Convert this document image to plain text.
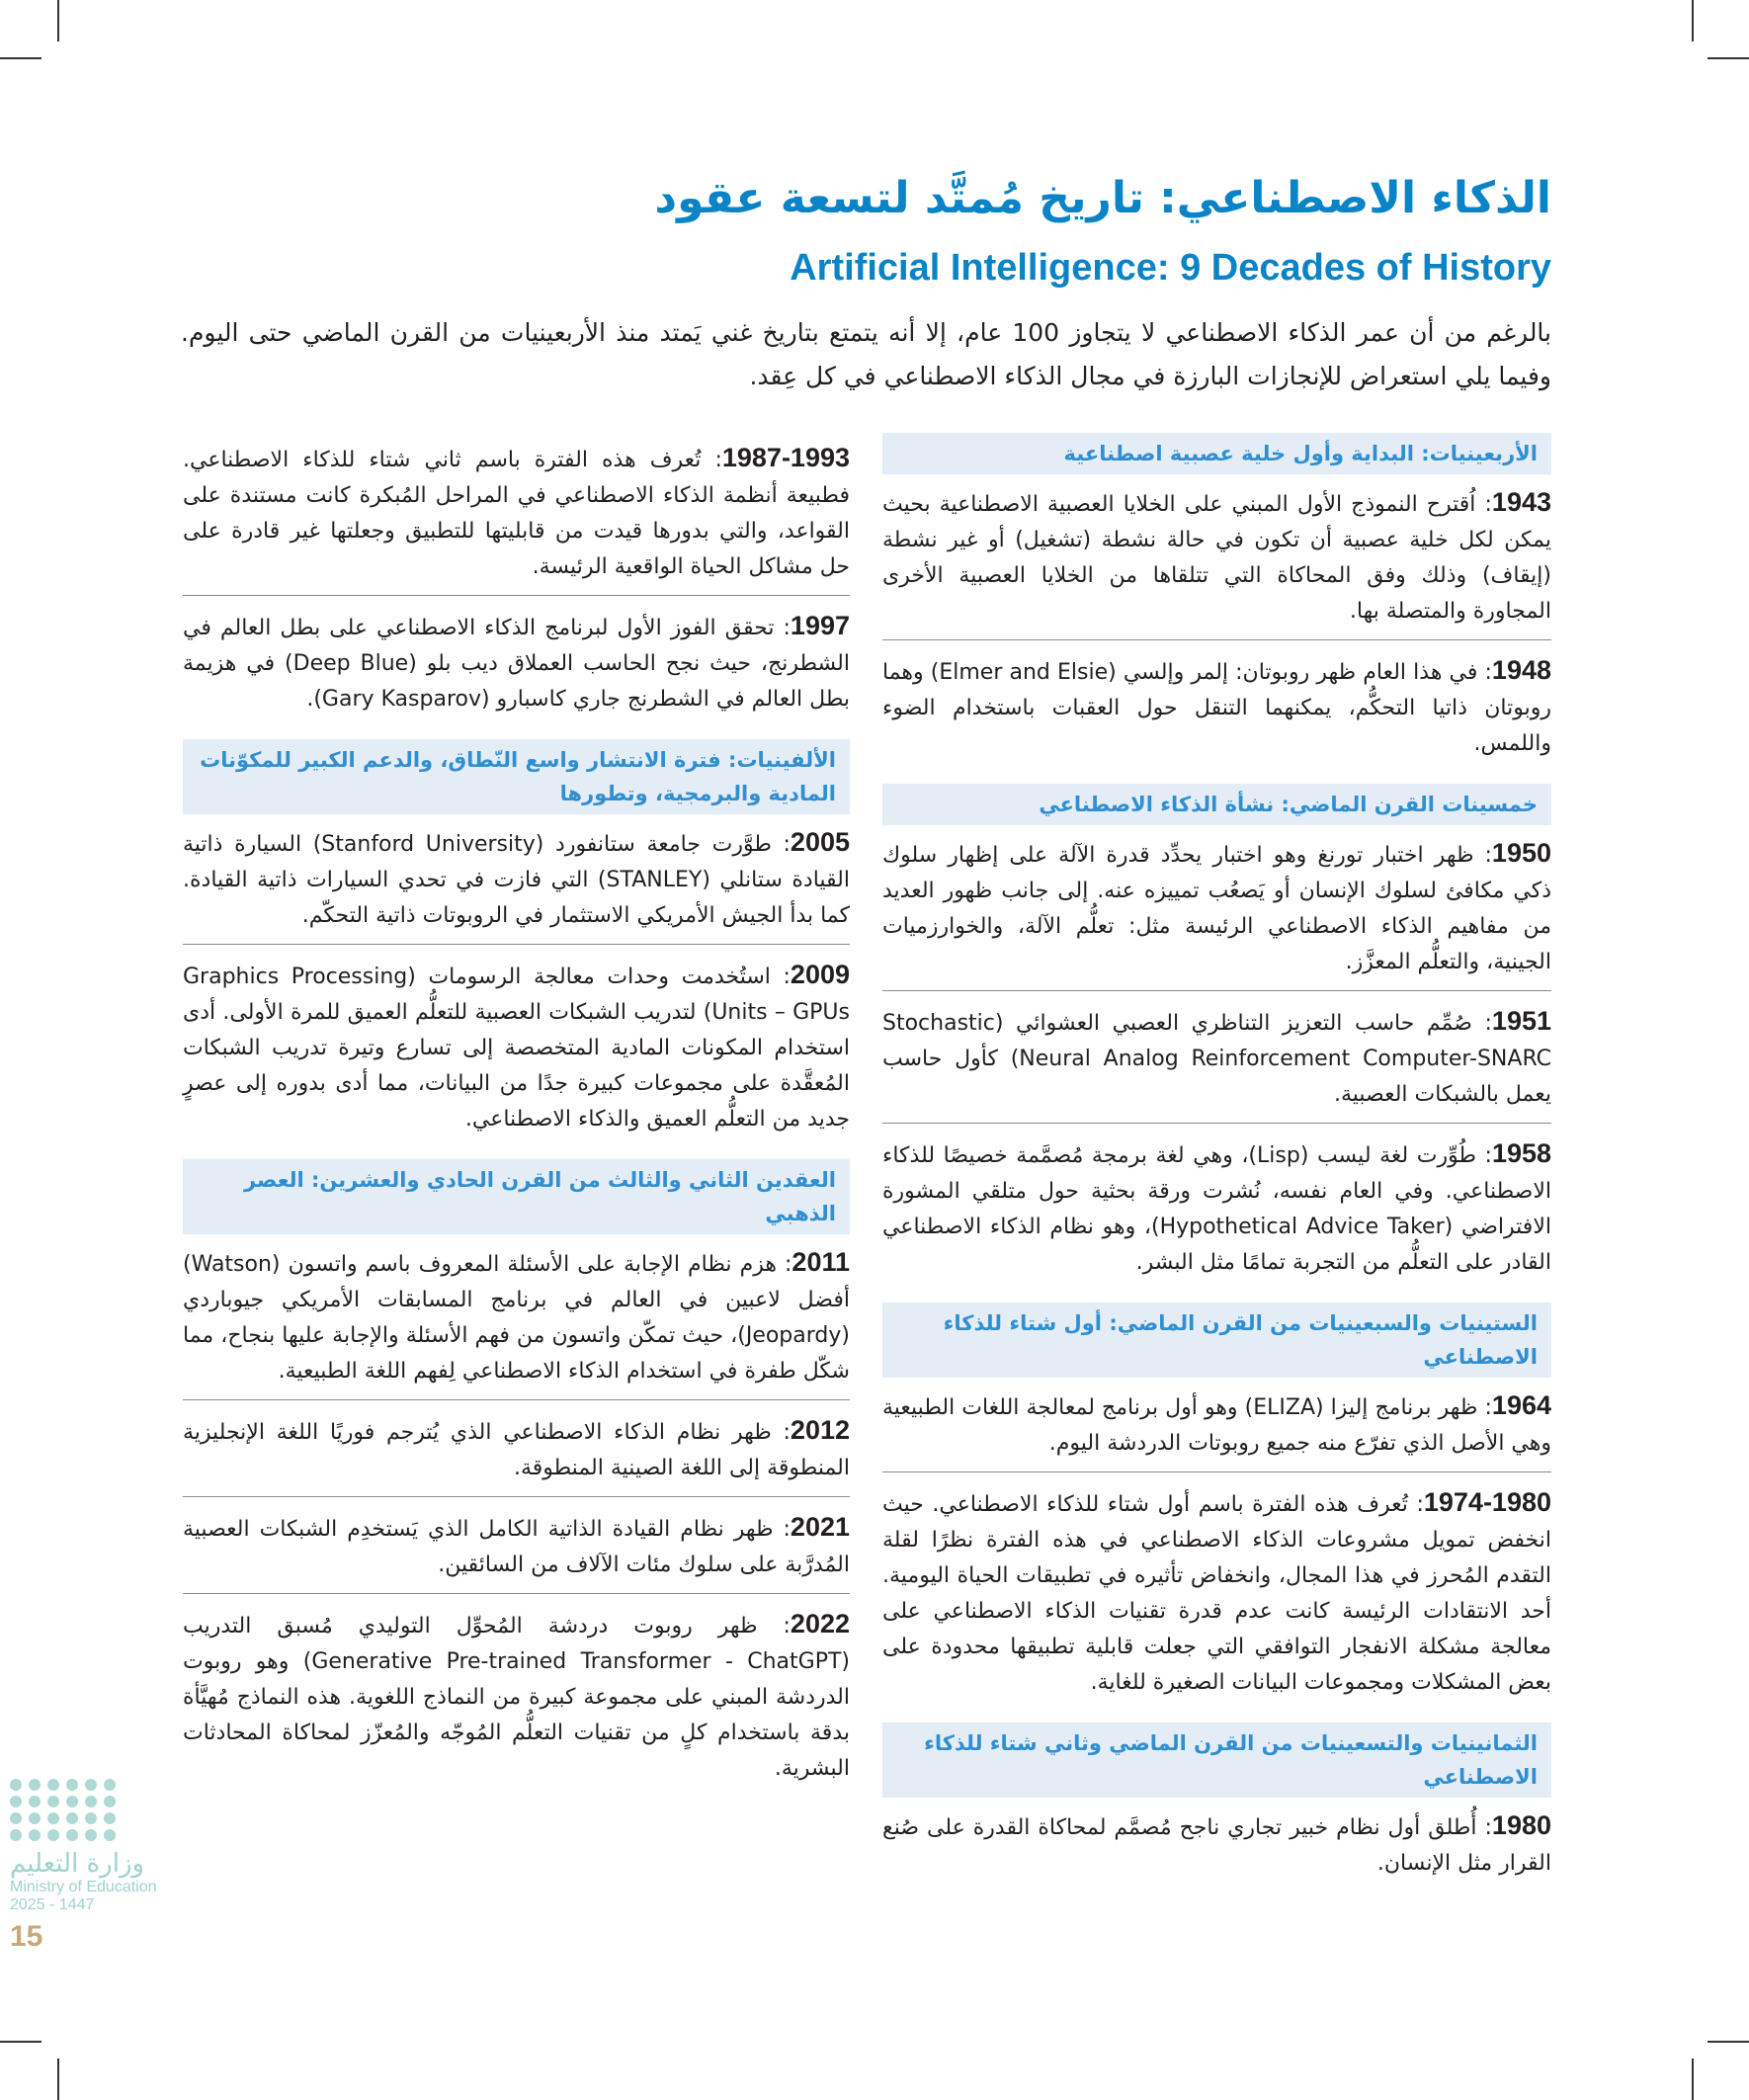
الذكاء الاصطناعي: تاريخ مُمتَّد لتسعة عقود
Artificial Intelligence: 9 Decades of History

بالرغم من أن عمر الذكاء الاصطناعي لا يتجاوز 100 عام، إلا أنه يتمتع بتاريخ غني يَمتد منذ الأربعينيات من القرن الماضي حتى اليوم. وفيما يلي استعراض للإنجازات البارزة في مجال الذكاء الاصطناعي في كل عِقد.

الأربعينيات: البداية وأول خلية عصبية اصطناعية
1943: اُقترح النموذج الأول المبني على الخلايا العصبية الاصطناعية بحيث يمكن لكل خلية عصبية أن تكون في حالة نشطة (تشغيل) أو غير نشطة (إيقاف) وذلك وفق المحاكاة التي تتلقاها من الخلايا العصبية الأخرى المجاورة والمتصلة بها.
1948: في هذا العام ظهر روبوتان: إلمر وإلسي (Elmer and Elsie) وهما روبوتان ذاتيا التحكُّم، يمكنهما التنقل حول العقبات باستخدام الضوء واللمس.
خمسينات القرن الماضي: نشأة الذكاء الاصطناعي
1950: ظهر اختبار تورنغ وهو اختبار يحدِّد قدرة الآلة على إظهار سلوك ذكي مكافئ لسلوك الإنسان أو يَصعُب تمييزه عنه. إلى جانب ظهور العديد من مفاهيم الذكاء الاصطناعي الرئيسة مثل: تعلُّم الآلة، والخوارزميات الجينية، والتعلُّم المعزَّز.
1951: صُمِّم حاسب التعزيز التناظري العصبي العشوائي (Stochastic Neural Analog Reinforcement Computer-SNARC) كأول حاسب يعمل بالشبكات العصبية.
1958: طُوِّرت لغة ليسب (Lisp)، وهي لغة برمجة مُصمَّمة خصيصًا للذكاء الاصطناعي. وفي العام نفسه، نُشرت ورقة بحثية حول متلقي المشورة الافتراضي (Hypothetical Advice Taker)، وهو نظام الذكاء الاصطناعي القادر على التعلُّم من التجربة تمامًا مثل البشر.
الستينيات والسبعينيات من القرن الماضي: أول شتاء للذكاء الاصطناعي
1964: ظهر برنامج إليزا (ELIZA) وهو أول برنامج لمعالجة اللغات الطبيعية وهي الأصل الذي تفرّع منه جميع روبوتات الدردشة اليوم.
1974-1980: تُعرف هذه الفترة باسم أول شتاء للذكاء الاصطناعي. حيث انخفض تمويل مشروعات الذكاء الاصطناعي في هذه الفترة نظرًا لقلة التقدم المُحرز في هذا المجال، وانخفاض تأثيره في تطبيقات الحياة اليومية. أحد الانتقادات الرئيسة كانت عدم قدرة تقنيات الذكاء الاصطناعي على معالجة مشكلة الانفجار التوافقي التي جعلت قابلية تطبيقها محدودة على بعض المشكلات ومجموعات البيانات الصغيرة للغاية.
الثمانينيات والتسعينيات من القرن الماضي وثاني شتاء للذكاء الاصطناعي
1980: أُطلق أول نظام خبير تجاري ناجح مُصمَّم لمحاكاة القدرة على صُنع القرار مثل الإنسان.
1987-1993: تُعرف هذه الفترة باسم ثاني شتاء للذكاء الاصطناعي. فطبيعة أنظمة الذكاء الاصطناعي في المراحل المُبكرة كانت مستندة على القواعد، والتي بدورها قيدت من قابليتها للتطبيق وجعلتها غير قادرة على حل مشاكل الحياة الواقعية الرئيسة.
1997: تحقق الفوز الأول لبرنامج الذكاء الاصطناعي على بطل العالم في الشطرنج، حيث نجح الحاسب العملاق ديب بلو (Deep Blue) في هزيمة بطل العالم في الشطرنج جاري كاسبارو (Gary Kasparov).
الألفينيات: فترة الانتشار واسع النّطاق، والدعم الكبير للمكوّنات المادية والبرمجية، وتطورها
2005: طوَّرت جامعة ستانفورد (Stanford University) السيارة ذاتية القيادة ستانلي (STANLEY) التي فازت في تحدي السيارات ذاتية القيادة. كما بدأ الجيش الأمريكي الاستثمار في الروبوتات ذاتية التحكّم.
2009: استُخدمت وحدات معالجة الرسومات (Graphics Processing Units – GPUs) لتدريب الشبكات العصبية للتعلُّم العميق للمرة الأولى. أدى استخدام المكونات المادية المتخصصة إلى تسارع وتيرة تدريب الشبكات المُعقَّدة على مجموعات كبيرة جدًا من البيانات، مما أدى بدوره إلى عصرٍ جديد من التعلُّم العميق والذكاء الاصطناعي.
العقدين الثاني والثالث من القرن الحادي والعشرين: العصر الذهبي
2011: هزم نظام الإجابة على الأسئلة المعروف باسم واتسون (Watson) أفضل لاعبين في العالم في برنامج المسابقات الأمريكي جيوباردي (Jeopardy)، حيث تمكّن واتسون من فهم الأسئلة والإجابة عليها بنجاح، مما شكّل طفرة في استخدام الذكاء الاصطناعي لِفهم اللغة الطبيعية.
2012: ظهر نظام الذكاء الاصطناعي الذي يُترجم فوريًا اللغة الإنجليزية المنطوقة إلى اللغة الصينية المنطوقة.
2021: ظهر نظام القيادة الذاتية الكامل الذي يَستخدِم الشبكات العصبية المُدرَّبة على سلوك مئات الآلاف من السائقين.
2022: ظهر روبوت دردشة المُحوِّل التوليدي مُسبق التدريب (Generative Pre-trained Transformer - ChatGPT) وهو روبوت الدردشة المبني على مجموعة كبيرة من النماذج اللغوية. هذه النماذج مُهيَّأة بدقة باستخدام كلٍ من تقنيات التعلُّم المُوجّه والمُعزّز لمحاكاة المحادثات البشرية.
وزارة التعليم
Ministry of Education
2025 - 1447
15
